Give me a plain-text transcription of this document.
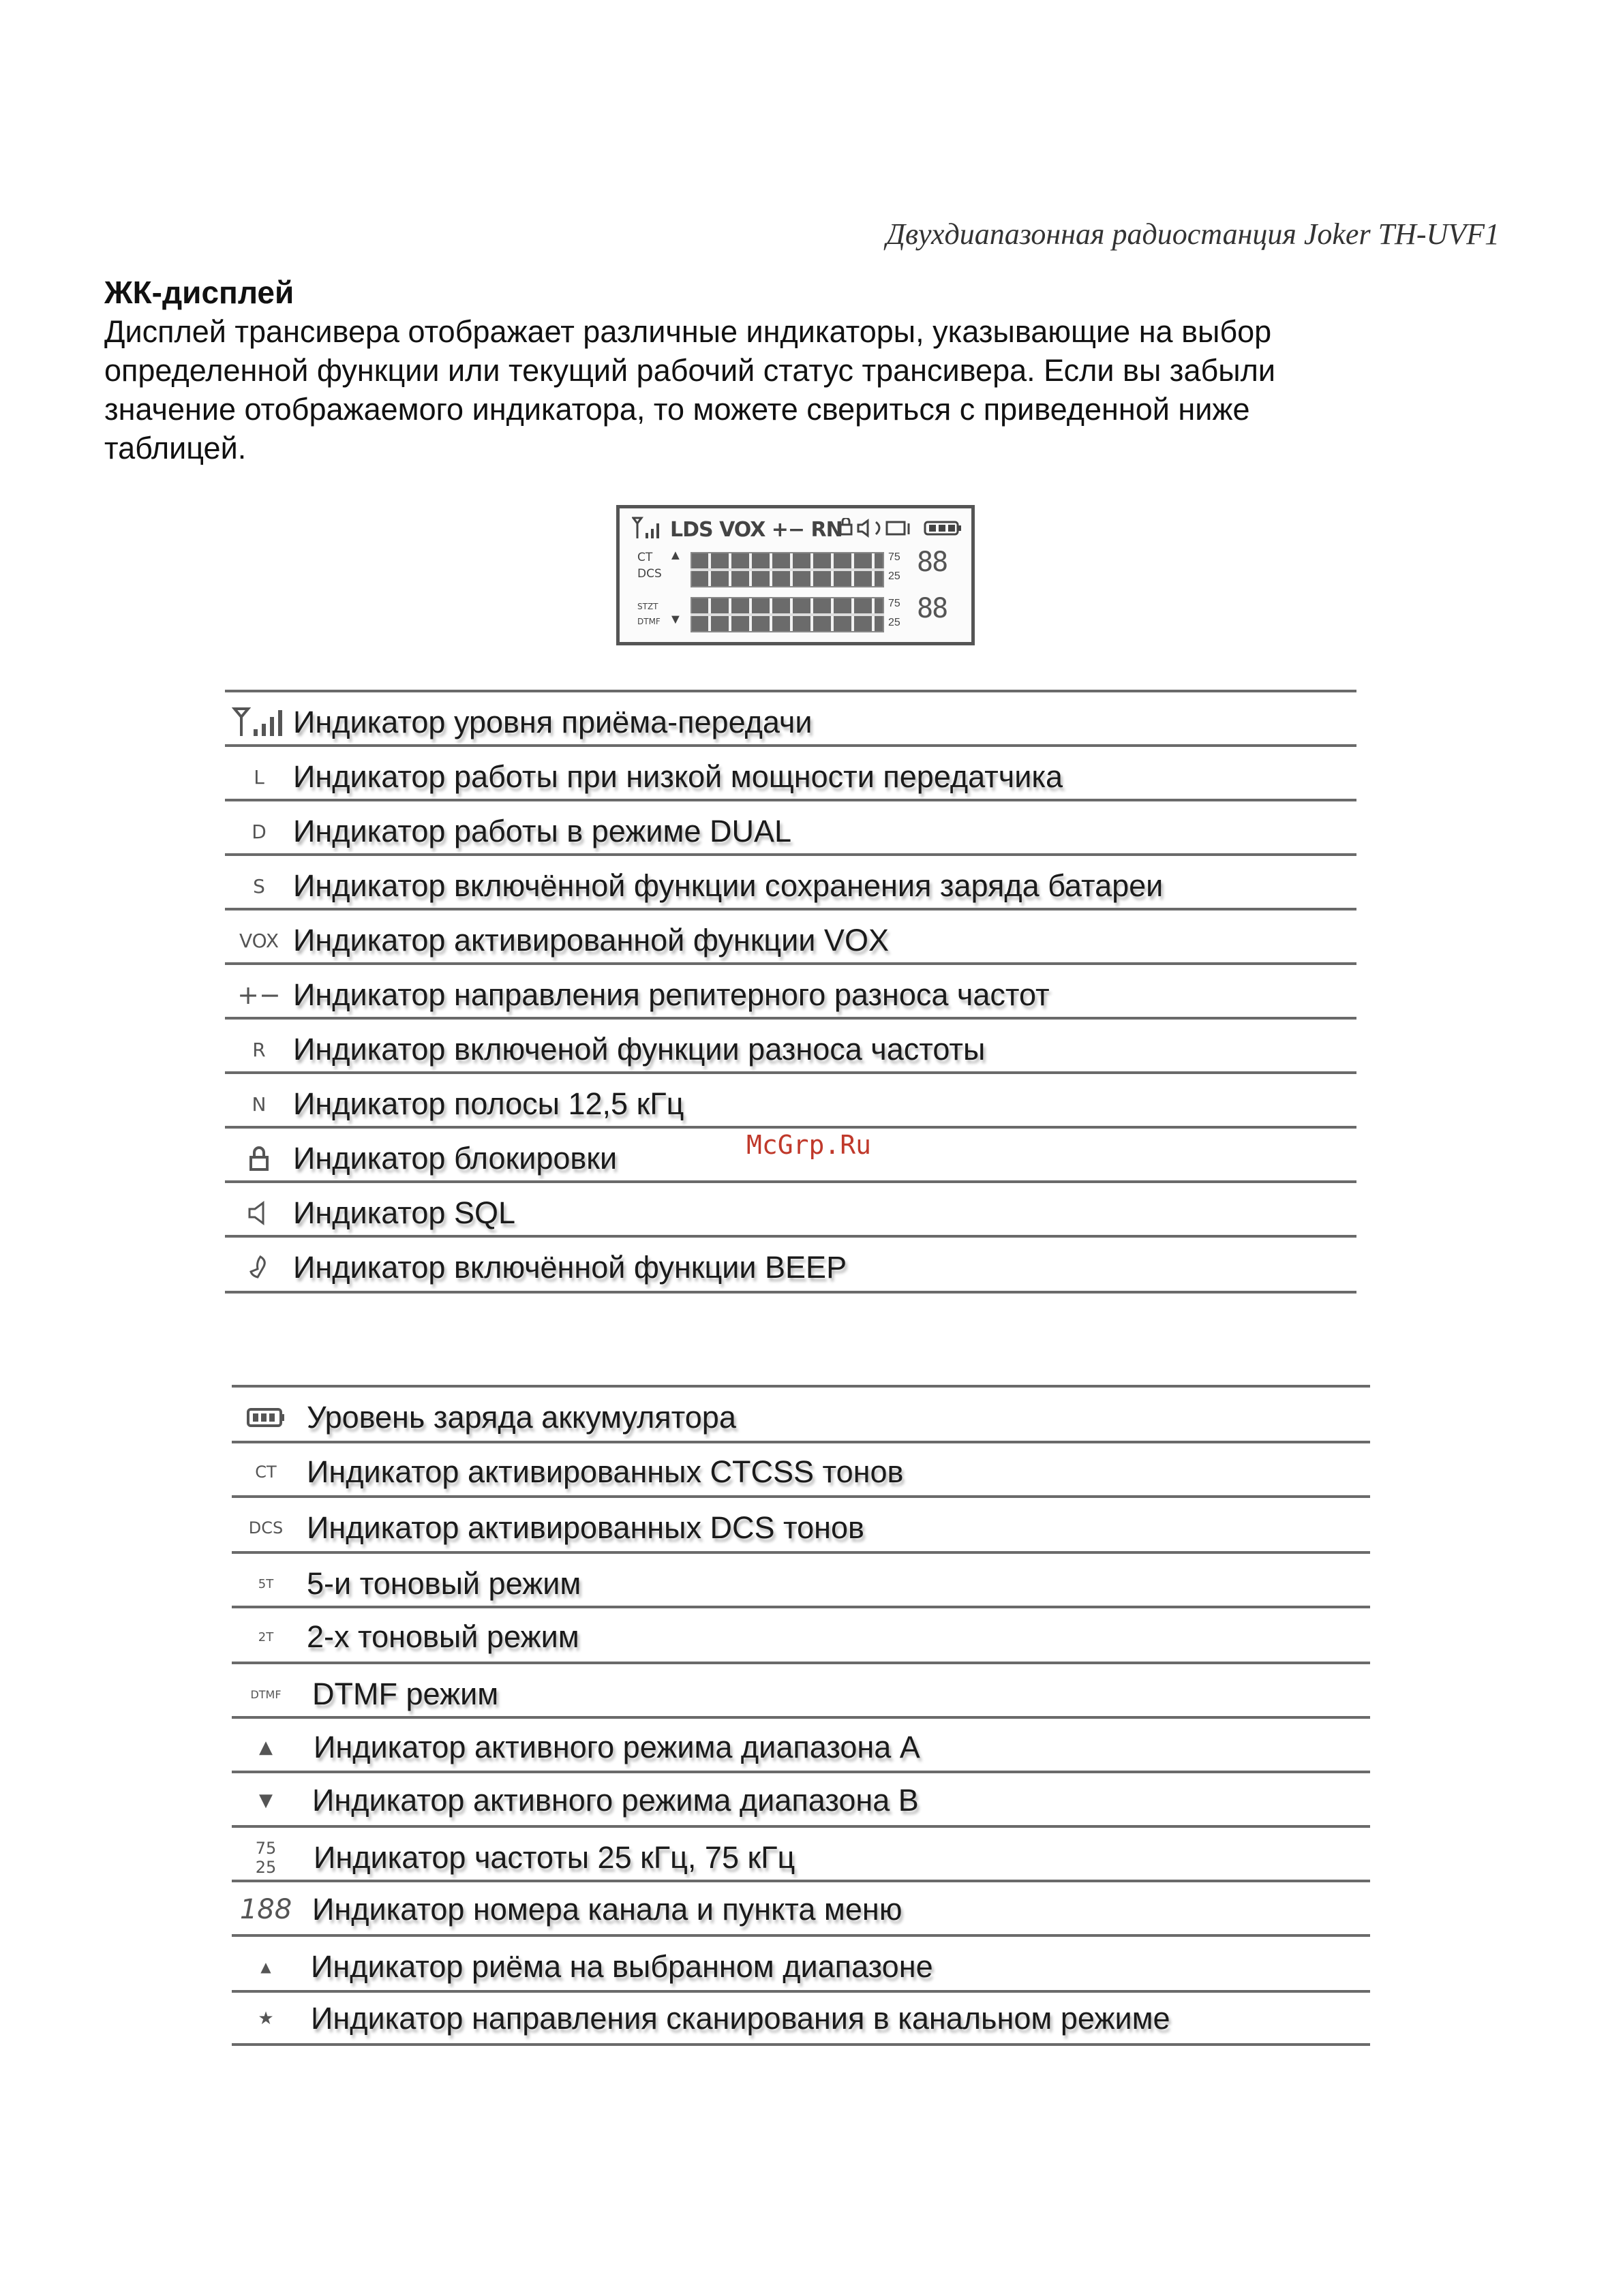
Двухдиапазонная радиостанция Joker TH-UVF1
ЖК-дисплей
Дисплей трансивера отображает различные индикаторы, указывающие на выбор
определенной функции или текущий рабочий статус трансивера. Если вы забыли
значение отображаемого индикатора, то можете свериться с приведенной ниже
таблицей.
LDS VOX +− RN
CT ▲
DCS
75
25 88
STZT
DTMF ▼
75
25 88
Индикатор уровня приёма-передачи
L Индикатор работы при низкой мощности передатчика
D Индикатор работы в режиме DUAL
S Индикатор включённой функции сохранения заряда батареи
VOX Индикатор активированной функции VOX
+− Индикатор направления репитерного разноса частот
R Индикатор включеной функции разноса частоты
N Индикатор полосы 12,5 кГц
Индикатор блокировки
Индикатор SQL
Индикатор включённой функции BEEP
McGrp.Ru
Уровень заряда аккумулятора
CT Индикатор активированных CTCSS тонов
DCS Индикатор активированных DCS тонов
5T	5-и тоновый режим
2T	2-х тоновый режим
DTMF	DTMF режим
▲	Индикатор активного режима диапазона A
▼	Индикатор активного режима диапазона B
75
25	Индикатор частоты 25 кГц, 75 кГц
188 Индикатор номера канала и пункта меню
▲	Индикатор риёма на выбранном диапазоне
★	Индикатор направления сканирования в канальном режиме
